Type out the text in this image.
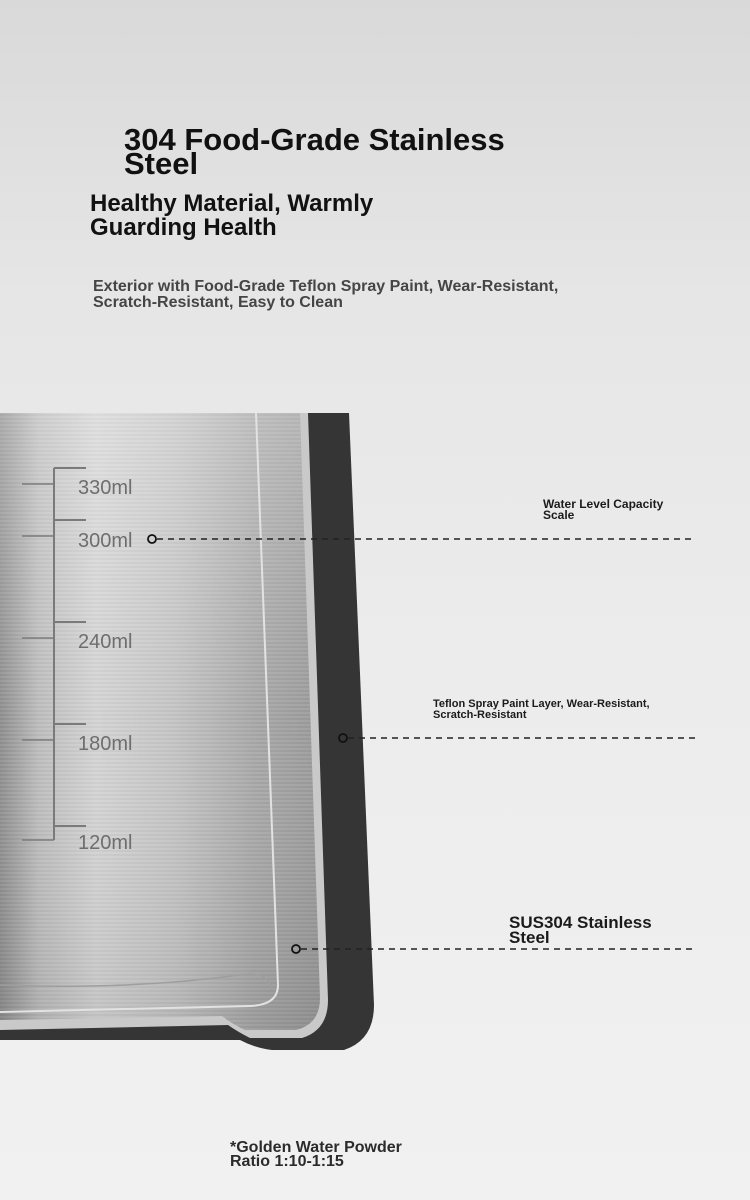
304 Food-Grade Stainless
Steel
Healthy Material, Warmly
Guarding Health

Exterior with Food-Grade Teflon Spray Paint, Wear-Resistant,
Scratch-Resistant, Easy to Clean

330ml
300ml
240ml
180ml
120ml

Water Level Capacity
Scale

Teflon Spray Paint Layer, Wear-Resistant,
Scratch-Resistant

SUS304 Stainless
Steel

*Golden Water Powder
Ratio 1:10-1:15
